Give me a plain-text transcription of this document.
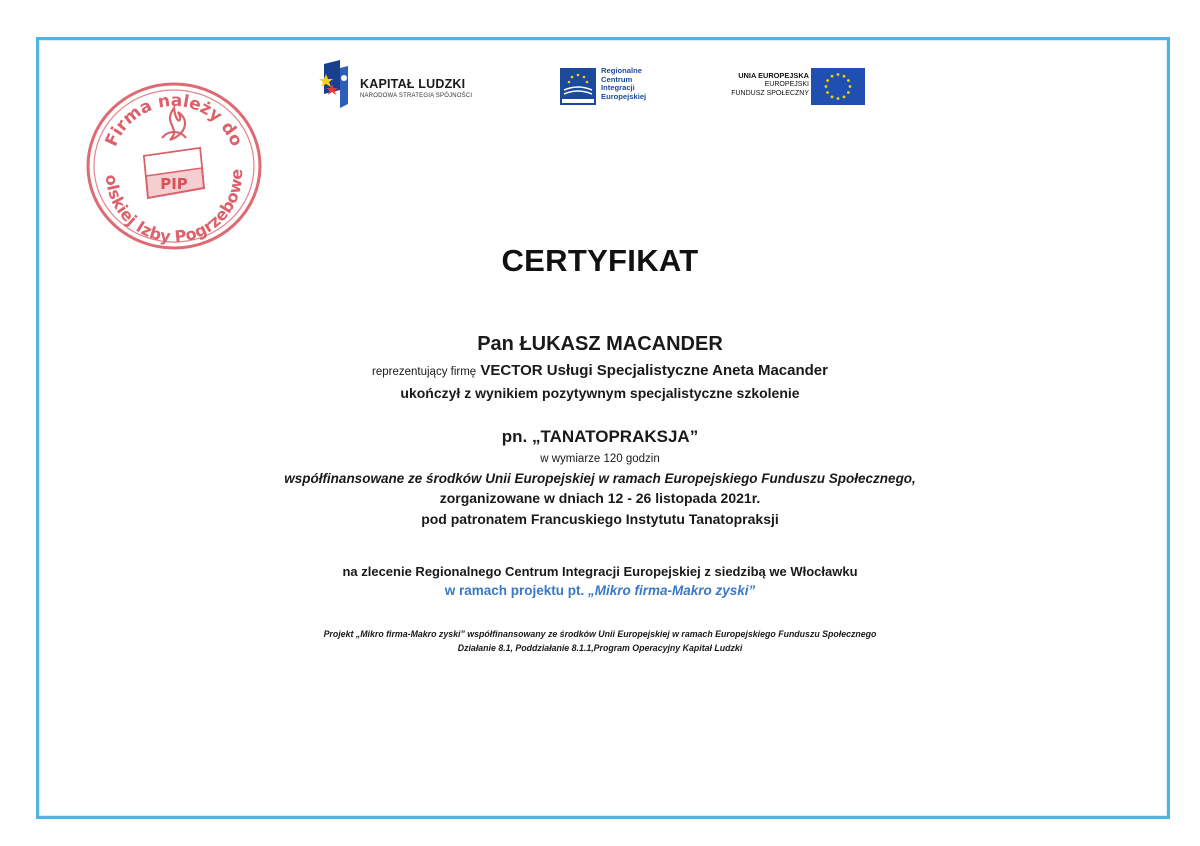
KAPITAŁ LUDZKI
NARODOWA STRATEGIA SPÓJNOŚCI
Regionalne
Centrum
Integracji
Europejskiej
UNIA EUROPEJSKA
EUROPEJSKI
FUNDUSZ SPOŁECZNY
Firma należy do
olskiej Izby Pogrzebowe
PIP
CERTYFIKAT
Pan ŁUKASZ MACANDER
reprezentujący firmę VECTOR Usługi Specjalistyczne Aneta Macander
ukończył z wynikiem pozytywnym specjalistyczne szkolenie
pn. „TANATOPRAKSJA”
w wymiarze 120 godzin
współfinansowane ze środków Unii Europejskiej w ramach Europejskiego Funduszu Społecznego,
zorganizowane w dniach 12 - 26 listopada 2021r.
pod patronatem Francuskiego Instytutu Tanatopraksji
na zlecenie Regionalnego Centrum Integracji Europejskiej z siedzibą we Włocławku
w ramach projektu pt. „Mikro firma-Makro zyski”
Projekt „Mikro firma-Makro zyski” współfinansowany ze środków Unii Europejskiej w ramach Europejskiego Funduszu Społecznego
Działanie 8.1, Poddziałanie 8.1.1,Program Operacyjny Kapitał Ludzki
